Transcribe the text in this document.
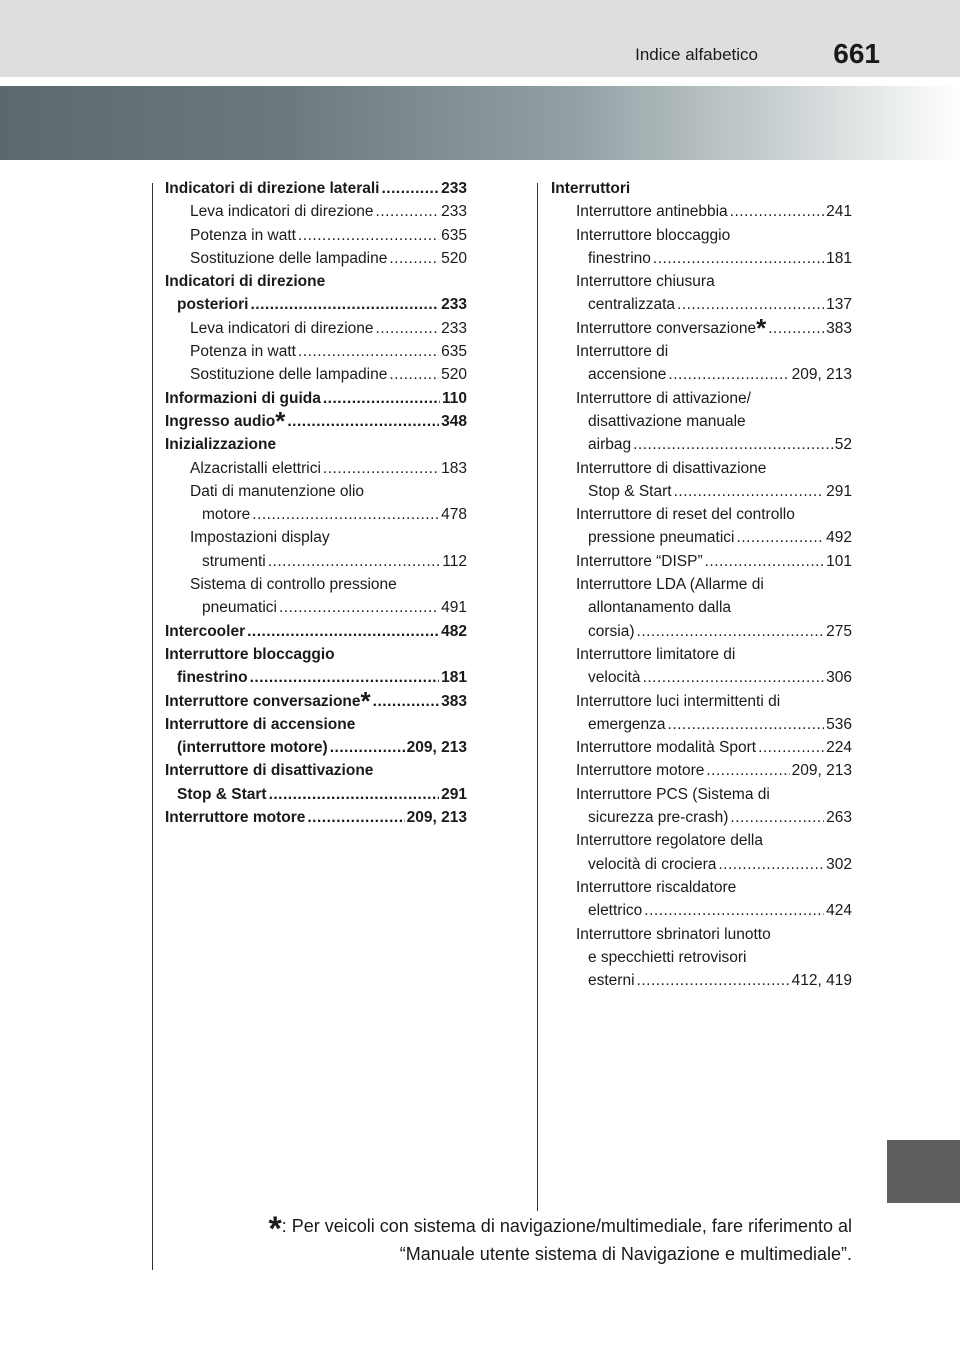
Indice alfabetico	661
Indicatori di direzione laterali .....	233
Leva indicatori di direzione .....	233
Potenza in watt .....	635
Sostituzione delle lampadine .....	520
Indicatori di direzione
posteriori .....	233
Leva indicatori di direzione .....	233
Potenza in watt .....	635
Sostituzione delle lampadine .....	520
Informazioni di guida .....	110
Ingresso audio* .....	348
Inizializzazione
Alzacristalli elettrici .....	183
Dati di manutenzione olio
motore .....	478
Impostazioni display
strumenti .....	112
Sistema di controllo pressione
pneumatici .....	491
Intercooler .....	482
Interruttore bloccaggio
finestrino .....	181
Interruttore conversazione* .....	383
Interruttore di accensione
(interruttore motore) .....	209, 213
Interruttore di disattivazione
Stop & Start .....	291
Interruttore motore .....	209, 213
Interruttori
Interruttore antinebbia .....	241
Interruttore bloccaggio
finestrino .....	181
Interruttore chiusura
centralizzata .....	137
Interruttore conversazione* .....	383
Interruttore di
accensione .....	209, 213
Interruttore di attivazione/
disattivazione manuale
airbag .....	52
Interruttore di disattivazione
Stop & Start .....	291
Interruttore di reset del controllo
pressione pneumatici .....	492
Interruttore “DISP” .....	101
Interruttore LDA (Allarme di
allontanamento dalla
corsia) .....	275
Interruttore limitatore di
velocità .....	306
Interruttore luci intermittenti di
emergenza .....	536
Interruttore modalità Sport .....	224
Interruttore motore .....	209, 213
Interruttore PCS (Sistema di
sicurezza pre-crash) .....	263
Interruttore regolatore della
velocità di crociera .....	302
Interruttore riscaldatore
elettrico .....	424
Interruttore sbrinatori lunotto
e specchietti retrovisori
esterni .....	412, 419
*: Per veicoli con sistema di navigazione/multimediale, fare riferimento al
“Manuale utente sistema di Navigazione e multimediale”.
